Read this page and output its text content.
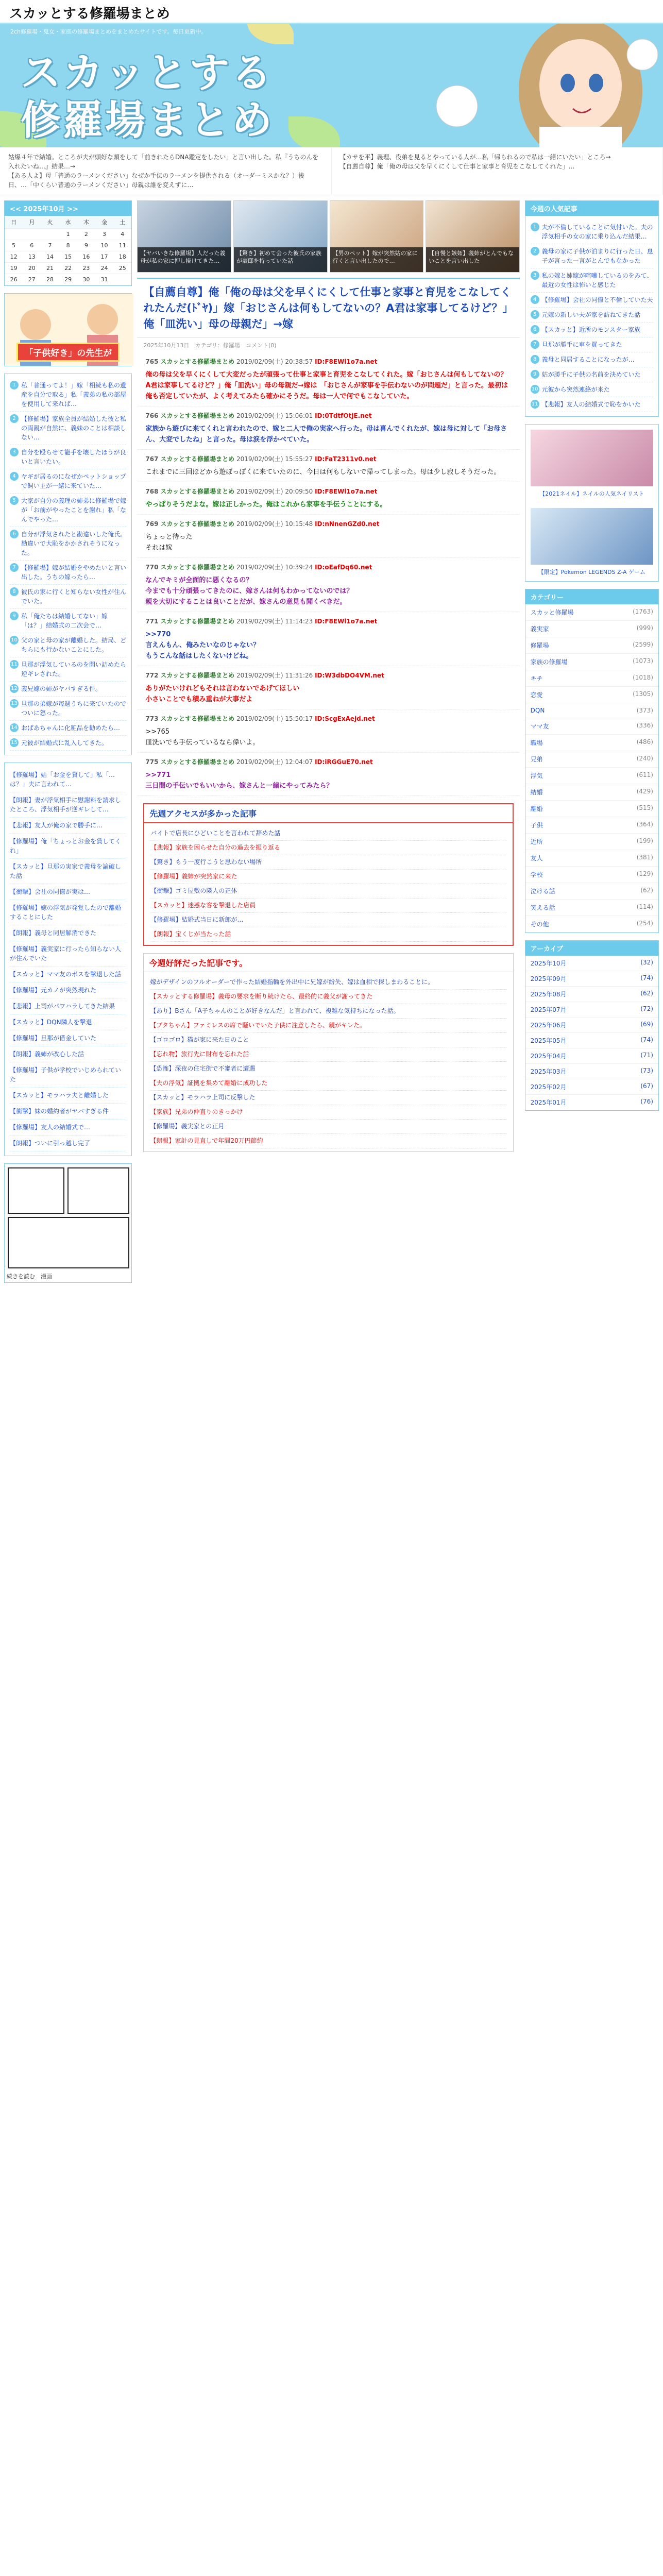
スカッとする修羅場まとめ
2ch修羅場・鬼女・家庭の修羅場まとめをまとめたサイトです。毎日更新中。
スカッとする
修羅場まとめ
姑爆４年で結婚。ところが夫が頭好な頭をして「前きれたらDNA鑑定をしたい」と言い出した。私『うちのんを入れたいね…』結果…→
【ある人よ】母「普通のラーメンください」なぜか手伝のラーメンを提供される（オーダーミスかな？）後日、…「中くらい普通のラーメンください」母親は誰を変えずに…
【カサを平】義理、役弟を見るとやっている人が…私「帰られるので私は一緒にいたい」ところ→
【自薦自尊】俺「俺の母は父を早くにくして仕事と家事と育児をこなしてくれた」…
<< 2025年10月 >>
日	月	火	水	木	金	土
			1	2	3	4
5	6	7	8	9	10	11
12	13	14	15	16	17	18
19	20	21	22	23	24	25
26	27	28	29	30	31	
「子供好き」の先生が
1 私「普通ってよ！」嫁「相続も私の遺産を自分で取る」私「義弟の私の部屋を使用して来れば…
2 【修羅場】家族全員が結婚した彼と私の両親が自然に、義妹のことは相談しない…
3 自分を殴らせて籠手を壊したほうが良いと言いたい。
4 ヤギが居るのになぜかペットショップで飼い主が一緒に来ていた…
5 大家が自分の義理の姉弟に修羅場で嫁が「お前がやったことを謝れ」私「なんでやった…
6 自分が浮気されたと勘違いした俺氏。勘違いで大恥をかかされそうになった。
7 【修羅場】嫁が結婚をやめたいと言い出した。うちの嫁ったら…
8 彼氏の家に行くと知らない女性が住んでいた。
9 私「俺たちは結婚してない」嫁「は？」結婚式の二次会で…
10 父の家と母の家が離婚した。結局、どちらにも行かないことにした。
11 旦那が浮気しているのを問い詰めたら逆ギレされた。
12 義兄嫁の姉がヤバすぎる件。
13 旦那の弟嫁が毎週うちに来ていたのでついに怒った。
14 おばあちゃんに化粧品を勧めたら…
15 元彼が結婚式に乱入してきた。
【修羅場】姑「お金を貸して」私「…は？」夫に言われて…
【朗報】妻が浮気相手に慰謝料を請求したところ、浮気相手が逆ギレして…
【悲報】友人が俺の家で勝手に…
【修羅場】俺「ちょっとお金を貸してくれ」
【スカッと】旦那の実家で義母を論破した話
【衝撃】会社の同僚が実は…
【修羅場】嫁の浮気が発覚したので離婚することにした
【朗報】義母と同居解消できた
【修羅場】義実家に行ったら知らない人が住んでいた
【スカッと】ママ友のボスを撃退した話
【修羅場】元カノが突然現れた
【悲報】上司がパワハラしてきた結果
【スカッと】DQN隣人を撃退
【修羅場】旦那が借金していた
【朗報】義姉が改心した話
【修羅場】子供が学校でいじめられていた
【スカッと】モラハラ夫と離婚した
【衝撃】妹の婚約者がヤバすぎる件
【修羅場】友人の結婚式で…
【朗報】ついに引っ越し完了
続きを読む　漫画
【ヤバいきな修羅場】人だった義母が私の家に押し掛けてきた…
【驚き】初めて会った彼氏の家族が豪邸を持っていた話
【男のペット】嫁が突然姑の家に行くと言い出したので…
【自慢と嫉妬】義姉がとんでもないことを言い出した
【自薦自尊】俺「俺の母は父を早くにくして仕事と家事と育児をこなしてくれたんだ(ﾄﾞﾔ)」嫁「おじさんは何もしてないの？A君は家事してるけど？」俺「皿洗い」母の母親だ」→嫁
2025年10月13日　カテゴリ：修羅場　コメント(0)
765 スカッとする修羅場まとめ 2019/02/09(土) 20:38:57 ID:F8EWl1o7a.net
俺の母は父を早くにくして大変だったが頑張って仕事と家事と育児をこなしてくれた。嫁「おじさんは何もしてないの？A君は家事してるけど？」俺「皿洗い」母の母親だ→嫁は　「おじさんが家事を手伝わないのが問題だ」と言った。最初は俺も否定していたが、よく考えてみたら確かにそうだ。母は一人で何でもこなしていた。
766 スカッとする修羅場まとめ 2019/02/09(土) 15:06:01 ID:0TdtfOtjE.net
家族から遊びに来てくれと言われたので、嫁と二人で俺の実家へ行った。母は喜んでくれたが、嫁は母に対して「お母さん、大変でしたね」と言った。母は涙を浮かべていた。
767 スカッとする修羅場まとめ 2019/02/09(土) 15:55:27 ID:FaT2311v0.net
これまでに三回ほどから遊ぼっぽくに来ていたのに、今日は何もしないで帰ってしまった。母は少し寂しそうだった。
768 スカッとする修羅場まとめ 2019/02/09(土) 20:09:50 ID:F8EWl1o7a.net
やっぱりそうだよな。嫁は正しかった。俺はこれから家事を手伝うことにする。
769 スカッとする修羅場まとめ 2019/02/09(土) 10:15:48 ID:nNnenGZd0.net
ちょっと待った
それは嫁
770 スカッとする修羅場まとめ 2019/02/09(土) 10:39:24 ID:oEafDq60.net
なんでキミが全面的に悪くなるの？
今までも十分頑張ってきたのに、嫁さんは何もわかってないのでは？
親を大切にすることは良いことだが、嫁さんの意見も聞くべきだ。
771 スカッとする修羅場まとめ 2019/02/09(土) 11:14:23 ID:F8EWl1o7a.net
>>770
言えんもん、俺みたいなのじゃない？
もうこんな話はしたくないけどね。
772 スカッとする修羅場まとめ 2019/02/09(土) 11:31:26 ID:W3dbDO4VM.net
ありがたいけれどもそれは言わないであげてほしい
小さいことでも積み重ねが大事だよ
773 スカッとする修羅場まとめ 2019/02/09(土) 15:50:17 ID:ScgExAejd.net
>>765
皿洗いでも手伝っているなら偉いよ。
775 スカッとする修羅場まとめ 2019/02/09(土) 12:04:07 ID:iRGGuE70.net
>>771
三日間の手伝いでもいいから、嫁さんと一緒にやってみたら？
先週アクセスが多かった記事
バイトで店長にひどいことを言われて辞めた話
【悲報】家族を困らせた自分の過去を振り返る
【驚き】もう一度行こうと思わない場所
【修羅場】義姉が突然家に来た
【衝撃】ゴミ屋敷の隣人の正体
【スカッと】迷惑な客を撃退した店員
【修羅場】結婚式当日に新郎が…
【朗報】宝くじが当たった話
今週好評だった記事です。
嫁がデザインのフルオーダーで作った結婚指輪を外出中に兄嫁が紛失、嫁は血相で探しまわることに。
【スカッとする修羅場】義母の要求を断り続けたら、最終的に義父が謝ってきた
【あり】Bさん「A子ちゃんのことが好きなんだ」と言われて、複雑な気持ちになった話。
【ブタちゃん】ファミレスの席で騒いでいた子供に注意したら、親がキレた。
【ゴロゴロ】猫が家に来た日のこと
【忘れ物】旅行先に財布を忘れた話
【恐怖】深夜の住宅街で不審者に遭遇
【夫の浮気】証拠を集めて離婚に成功した
【スカッと】モラハラ上司に反撃した
【家族】兄弟の仲直りのきっかけ
【修羅場】義実家との正月
【朗報】家計の見直しで年間20万円節約
今週の人気記事
1 夫が不倫していることに気付いた。夫の浮気相手の女の家に乗り込んだ結果…
2 義母の家に子供が泊まりに行った日、息子が言った一言がとんでもなかった
3 私の嫁と姉嫁が喧嘩しているのをみて、最近の女性は怖いと感じた
4 【修羅場】会社の同僚と不倫していた夫
5 元嫁の新しい夫が家を訪ねてきた話
6 【スカッと】近所のモンスター家族
7 旦那が勝手に車を買ってきた
8 義母と同居することになったが…
9 姑が勝手に子供の名前を決めていた
10 元彼から突然連絡が来た
11 【悲報】友人の結婚式で恥をかいた
【2021ネイル】ネイルの人気ネイリスト
【限定】Pokemon LEGENDS Z-A ゲーム
カテゴリー
スカッと修羅場	(1763)
義実家	(999)
修羅場	(2599)
家族の修羅場	(1073)
キチ	(1018)
恋愛	(1305)
DQN	(373)
ママ友	(336)
職場	(486)
兄弟	(240)
浮気	(611)
結婚	(429)
離婚	(515)
子供	(364)
近所	(199)
友人	(381)
学校	(129)
泣ける話	(62)
笑える話	(114)
その他	(254)
アーカイブ
2025年10月	(32)
2025年09月	(74)
2025年08月	(62)
2025年07月	(72)
2025年06月	(69)
2025年05月	(74)
2025年04月	(71)
2025年03月	(73)
2025年02月	(67)
2025年01月	(76)
